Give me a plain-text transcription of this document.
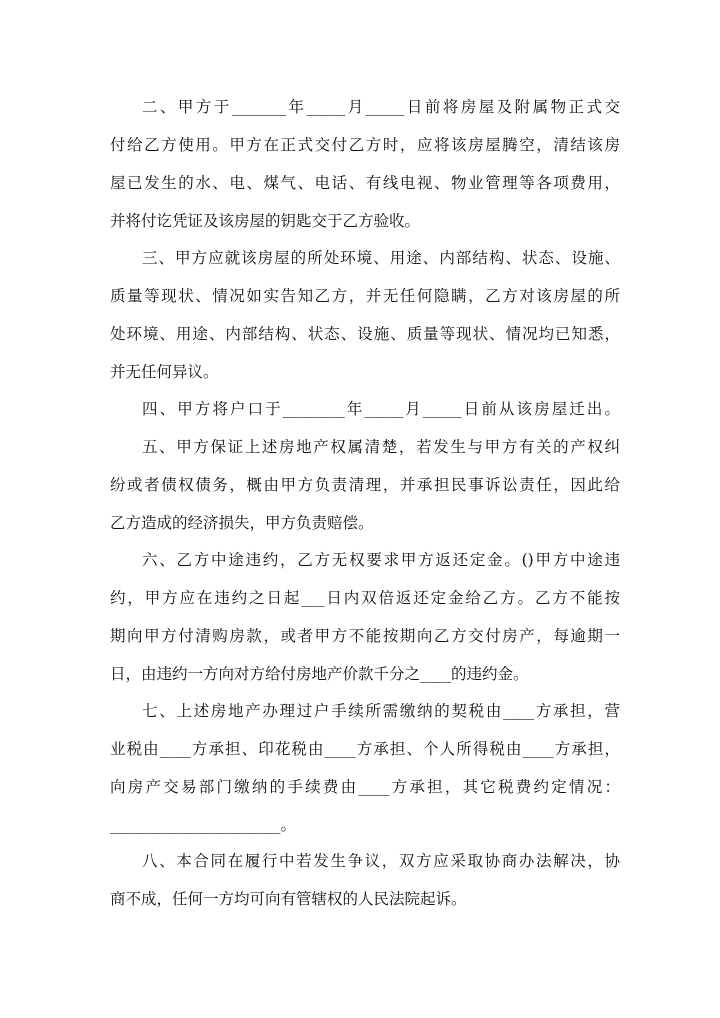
二、甲方于_______年_____月_____日前将房屋及附属物正式交
付给乙方使用。甲方在正式交付乙方时，应将该房屋腾空，清结该房
屋已发生的水、电、煤气、电话、有线电视、物业管理等各项费用，
并将付讫凭证及该房屋的钥匙交于乙方验收。
三、甲方应就该房屋的所处环境、用途、内部结构、状态、设施、
质量等现状、情况如实告知乙方，并无任何隐瞒，乙方对该房屋的所
处环境、用途、内部结构、状态、设施、质量等现状、情况均已知悉，
并无任何异议。
四、甲方将户口于________年_____月_____日前从该房屋迁出。
五、甲方保证上述房地产权属清楚，若发生与甲方有关的产权纠
纷或者债权债务，概由甲方负责清理，并承担民事诉讼责任，因此给
乙方造成的经济损失，甲方负责赔偿。
六、乙方中途违约，乙方无权要求甲方返还定金。()甲方中途违
约，甲方应在违约之日起___日内双倍返还定金给乙方。乙方不能按
期向甲方付清购房款，或者甲方不能按期向乙方交付房产，每逾期一
日，由违约一方向对方给付房地产价款千分之____的违约金。
七、上述房地产办理过户手续所需缴纳的契税由____方承担，营
业税由____方承担、印花税由____方承担、个人所得税由____方承担，
向房产交易部门缴纳的手续费由____方承担，其它税费约定情况：
______________________。
八、本合同在履行中若发生争议，双方应采取协商办法解决，协
商不成，任何一方均可向有管辖权的人民法院起诉。
